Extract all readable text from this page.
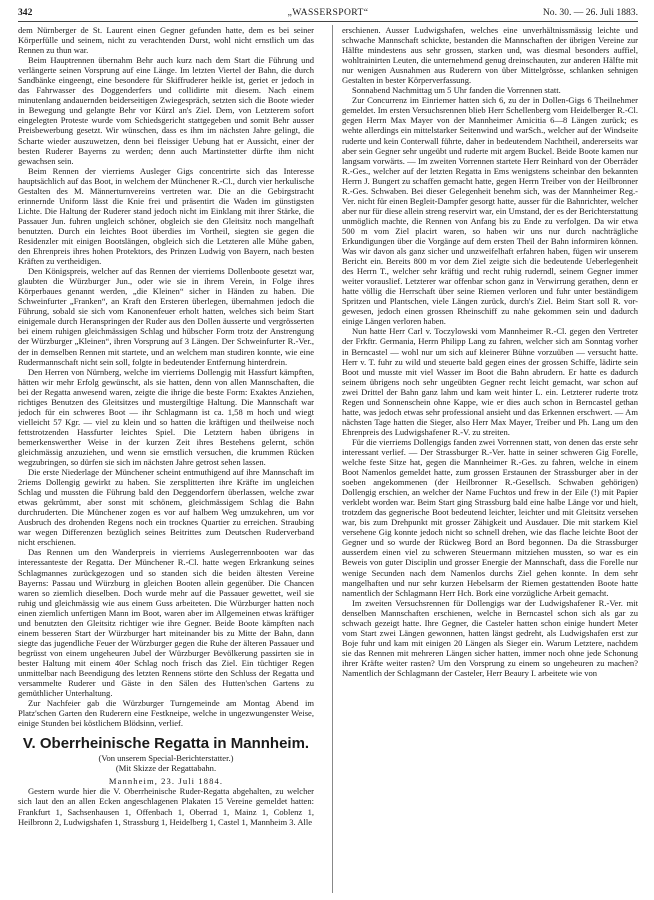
342	„WASSERSPORT“	No. 30. — 26. Juli 1883.

dem Nürnberger de St. Laurent einen Gegner gefunden hatte, dem es bei seiner Körperfülle und seinem, nicht zu verachtenden Durst, wohl nicht ernstlich um das Rennen zu thun war.

Beim Hauptrennen übernahm Behr auch kurz nach dem Start die Führung und verlängerte seinen Vorsprung auf eine Länge. Im letzten Viertel der Bahn, die durch Sandbänke eingeengt, eine besondere für Skiffruderer heikle ist, geriet er jedoch in das Fahrwasser des Doggenderfers und collidirte mit diesem. Nach einem minutenlang andauernden beiderseitigen Zwiegespräch, setzten sich die Boote wieder in Bewegung und gelangte Behr vor Kürzl an's Ziel. Dem, von Letzterem sofort eingelegten Proteste wurde vom Schiedsgericht stattgegeben und somit Behr ausser Preisbewerbung gesetzt. Wir wünschen, dass es ihm im nächsten Jahre gelingt, die Scharte wieder auszuwetzen, denn bei fleissiger Uebung hat er Aussicht, einer der besten Ruderer Bayerns zu werden; denn auch Martinstetter dürfte ihm nicht gewachsen sein.

Beim Rennen der vierriems Ausleger Gigs concentrirte sich das Interesse hauptsächlich auf das Boot, in welchem der Münchener R.-Cl., durch vier herkulische Gestalten des M. Männerturnvereins vertreten war. Die an die Gebirgstracht erinnernde Uniform lässt die Knie frei und präsentirt die Waden im günstigsten Lichte. Die Haltung der Ruderer stand jedoch nicht im Einklang mit ihrer Stärke, die Passauer Jun. fuhren ungleich schöner, obgleich sie den Gleitsitz noch mangelhaft benutzten. Durch ein leichtes Boot überdies im Vortheil, siegten sie gegen die Residenzler mit einigen Bootslängen, obgleich sich die Letzteren alle Mühe gaben, den Ehrenpreis ihres hohen Protektors, des Prinzen Ludwig von Bayern, nach besten Kräften zu vertheidigen.

Den Königspreis, welcher auf das Rennen der vierriems Dollenboote gesetzt war, glaubten die Würzburger Jun., oder wie sie in ihrem Verein, in Folge ihres Körperbaues genannt werden, „die Kleinen“ sicher in Händen zu haben. Die Schweinfurter „Franken“, an Kraft den Ersteren überlegen, übernahmen jedoch die Führung, sobald sie sich vom Kanonenfeuer erholt hatten, welches sich beim Start einigemale durch Heranspringen der Ruder aus den Dollen äusserte und vergrösserten bei einem ruhigen gleichmässigen Schlag und hübscher Form trotz der Anstrengung der Würzburger „Kleinen“, ihren Vorsprung auf 3 Längen. Der Schweinfurter R.-Ver., der in demselben Rennen mit startete, und an welchem man studiren konnte, wie eine Rudermannschaft nicht sein soll, folgte in bedeutender Entfernung hinterdrein.

Den Herren von Nürnberg, welche im vierriems Dollengig mit Hassfurt kämpften, hätten wir mehr Erfolg gewünscht, als sie hatten, denn von allen Mannschaften, die bei der Regatta anwesend waren, zeigte die ihrige die beste Form: Exaktes Anziehen, richtiges Benutzen des Gleitsitzes und mustergiltige Haltung. Die Mannschaft war jedoch für ein schweres Boot — ihr Schlagmann ist ca. 1,58 m hoch und wiegt vielleicht 57 Kgr. — viel zu klein und so hatten die kräftigen und theilweise noch fettstrotzenden Hassfurter leichtes Spiel. Die Letztern haben übrigens in bemerkenswerther Weise in der kurzen Zeit ihres Bestehens gelernt, schön gleichmässig anzuziehen, und wenn sie ernstlich versuchen, die krummen Rücken wegzubringen, so dürfen sie sich im nächsten Jahre getrost sehen lassen.

Die erste Niederlage der Münchener scheint entmuthigend auf ihre Mannschaft im 2riems Dollengig gewirkt zu haben. Sie zersplitterten ihre Kräfte im ungleichen Schlag und mussten die Führung bald den Deggendorfern überlassen, welche zwar etwas gekrümmt, aber sonst mit schönem, gleichmässigem Schlag die Bahn durchruderten. Die Münchener zogen es vor auf halbem Weg umzukehren, um vor Ausbruch des drohenden Regens noch ein trocknes Quartier zu erreichen. Straubing war wegen Differenzen bezüglich seines Beitrittes zum Deutschen Ruderverband nicht erschienen.

Das Rennen um den Wanderpreis in vierriems Auslegerrennbooten war das interessanteste der Regatta. Der Münchener R.-Cl. hatte wegen Erkrankung seines Schlagmannes zurückgezogen und so standen sich die beiden ältesten Vereine Bayerns: Passau und Würzburg in gleichen Booten allein gegenüber. Die Chancen waren so ziemlich dieselben. Doch wurde mehr auf die Passauer gewettet, weil sie ruhig und gleichmässig wie aus einem Guss arbeiteten. Die Würzburger hatten noch einen ziemlich unfertigen Mann im Boot, waren aber im Allgemeinen etwas kräftiger und benutzten den Gleitsitz richtiger wie ihre Gegner. Beide Boote kämpften nach einem besseren Start der Würzburger hart miteinander bis zu Mitte der Bahn, dann siegte das jugendliche Feuer der Würzburger gegen die Ruhe der älteren Passauer und begrüsst von einem ungeheuren Jubel der Würzburger Bevölkerung passirten sie in bester Haltung mit einem 40er Schlag noch frisch das Ziel. Ein tüchtiger Regen unmittelbar nach Beendigung des letzten Rennens störte den Schluss der Regatta und versammelte Ruderer und Gäste in den Sälen des Hutten'schen Gartens zu gemüthlicher Unterhaltung.

Zur Nachfeier gab die Würzburger Turngemeinde am Montag Abend im Platz'schen Garten den Ruderern eine Festkneipe, welche in ungezwungenster Weise, einige Stunden bei köstlichem Blödsinn, verlief.

V. Oberrheinische Regatta in Mannheim.

(Von unserem Special-Berichterstatter.)

(Mit Skizze der Regattabahn.

Mannheim, 23. Juli 1884.

Gestern wurde hier die V. Oberrheinische Ruder-Regatta abgehalten, zu welcher sich laut den an allen Ecken angeschlagenen Plakaten 15 Vereine gemeldet hatten: Frankfurt 1, Sachsenhausen 1, Offenbach 1, Oberrad 1, Mainz 1, Coblenz 1, Heilbronn 2, Ludwigshafen 1, Strassburg 1, Heidelberg 1, Castel 1, Mannheim 3. Alle

erschienen. Ausser Ludwigshafen, welches eine unverhältnissmässig leichte und schwache Mannschaft schickte, bestanden die Mannschaften der übrigen Vereine zur Hälfte mindestens aus sehr grossen, starken und, was diesmal besonders auffiel, wohltrainirten Leuten, die unternehmend genug dreinschauten, zur anderen Hälfte mit nur wenigen Ausnahmen aus Ruderern von über Mittelgrösse, schlanken sehnigen Gestalten in bester Körperverfassung.

Sonnabend Nachmittag um 5 Uhr fanden die Vorrennen statt.

Zur Concurrenz im Einriemer hatten sich 6, zu der in Dollen-Gigs 6 Theilnehmer gemeldet. Im ersten Versuchsrennen blieb Herr Schellenberg vom Heidelberger R.-Cl. gegen Herrn Max Mayer von der Mannheimer Amicitia 6—8 Längen zurück; es wehte allerdings ein mittelstarker Seitenwind und warSch., welcher auf der Windseite ruderte und kein Conterwall führte, daher in bedeutendem Nachtheil, andererseits war aber sein Gegner sehr ungeübt und ruderte mit argem Buckel. Beide Boote kamen nur langsam vorwärts. — Im zweiten Vorrennen startete Herr Reinhard von der Oberräder R.-Ges., welcher auf der letzten Regatta in Ems wenigstens scheinbar den bekannten Herrn J. Bungert zu schaffen gemacht hatte, gegen Herrn Treiber von der Heilbronner R.-Ges. Schwaben. Bei dieser Gelegenheit benehm sich, was der Mannheimer Reg.-Ver. nicht für einen Begleit-Dampfer gesorgt hatte, ausser für die Bahnrichter, welcher aber nur für diese allein streng reservirt war, ein Umstand, der es der Berichterstattung unmöglich machte, die Rennen von Anfang bis zu Ende zu verfolgen. Da wir etwa 500 m vom Ziel placirt waren, so haben wir uns nur durch nachträgliche Erkundigungen über die Vorgänge auf dem ersten Theil der Bahn informiren können. Was wir davon als ganz sicher und unzweifelhaft erfahren haben, fügen wir unserem Bericht ein. Bereits 800 m vor dem Ziel zeigte sich die bedeutende Ueberlegenheit des Herrn T., welcher sehr kräftig und recht ruhig ruderndl, seinem Gegner immer weiter vorauslief. Letzterer war offenbar schon ganz in Verwirrung gerathen, denn er hatte völlig die Herrschaft über seine Riemen verloren und fuhr unter beständigem Spritzen und Plantschen, viele Längen zurück, durch's Ziel. Beim Start soll R. vor-gewesen, jedoch einen grossen Rheinschiff zu nahe gekommen sein und dadurch einige Längen verloren haben.

Nun hatte Herr Carl v. Toczylowski vom Mannheimer R.-Cl. gegen den Vertreter der Frkftr. Germania, Herrn Philipp Lang zu fahren, welcher sich am Sonntag vorher in Berncastel — wohl nur um sich auf kleinerer Bühne vorzuüben — versucht hatte. Herr v. T. fuhr zu wild und steuerte bald gegen eines der grossen Schiffe, lädirte sein Boot und musste mit viel Wasser im Boot die Bahn abrudern. Er hatte es dadurch seinem übrigens noch sehr ungeübten Gegner recht leicht gemacht, war schon auf zwei Drittel der Bahn ganz lahm und kam weit hinter L. ein. Letzterer ruderte trotz Regen und Sonnenschein ohne Kappe, wie er dies auch schon in Berncastel gethan hatte, was jedoch etwas sehr professional ansieht und das Erkennen erschwert. — Am nächsten Tage hatten die Sieger, also Herr Max Mayer, Treiber und Ph. Lang um den Ehrenpreis des Ludwigshafener R.-V. zu streiten.

Für die vierriems Dollengigs fanden zwei Vorrennen statt, von denen das erste sehr interessant verlief. — Der Strassburger R.-Ver. hatte in seiner schweren Gig Forelle, welche feste Sitze hat, gegen die Mannheimer R.-Ges. zu fahren, welche in einem Boot Namenlos gemeldet hatte, zum grossen Erstaunen der Strassburger aber in der soeben angekommenen (der Heilbronner R.-Gesellsch. Schwaben gehörigen) Dollengig erschien, an welcher der Name Fuchtos und frew in der Eile (!) mit Papier verklebt worden war. Beim Start ging Strassburg bald eine halbe Länge vor und hielt, trotzdem das gegnerische Boot bedeutend leichter, leichter und mit Gleitsitz versehen war, bis zum Drehpunkt mit grosser Zähigkeit und Ausdauer. Die mit starkem Kiel versehene Gig konnte jedoch nicht so schnell drehen, wie das flache leichte Boot der Gegner und so wurde der Rückweg Bord an Bord begonnen. Da die Strassburger ausserdem einen viel zu schweren Steuermann mitziehen mussten, so war es ein Beweis von guter Disciplin und grosser Energie der Mannschaft, dass die Forelle nur wenige Secunden nach dem Namenlos durchs Ziel gehen konnte. In dem sehr mangelhaften und nur sehr kurzen Hebelsarm der Riemen gestattenden Boote hatte namentlich der Schlagmann Herr Hch. Bork eine vorzügliche Arbeit gemacht.

Im zweiten Versuchsrennen für Dollengigs war der Ludwigshafener R.-Ver. mit denselben Mannschaften erschienen, welche in Berncastel schon sich als gar zu schwach gezeigt hatte. Ihre Gegner, die Casteler hatten schon einige hundert Meter vom Start zwei Längen gewonnen, hatten längst gedreht, als Ludwigshafen erst zur Boje fuhr und kam mit einigen 20 Längen als Sieger ein. Warum Letztere, nachdem sie das Rennen mit mehreren Längen sicher hatten, immer noch ohne jede Schonung ihrer Kräfte weiter rasten? Um den Vorsprung zu einem so ungeheuren zu machen? Namentlich der Schlagmann der Casteler, Herr Beaury I. arbeitete wie von
